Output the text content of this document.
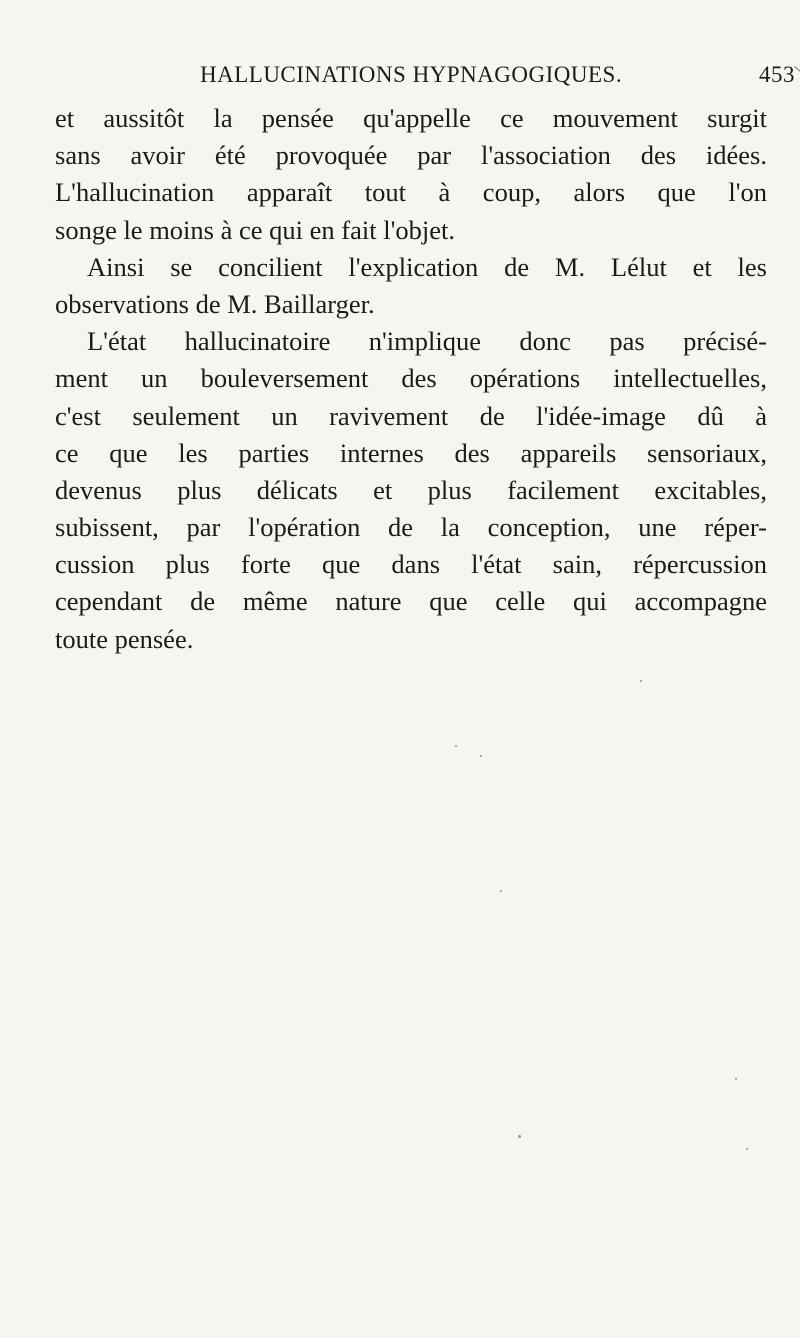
HALLUCINATIONS HYPNAGOGIQUES.	453
et aussitôt la pensée qu'appelle ce mouvement surgit
sans avoir été provoquée par l'association des idées.
L'hallucination apparaît tout à coup, alors que l'on
songe le moins à ce qui en fait l'objet.
Ainsi se concilient l'explication de M. Lélut et les
observations de M. Baillarger.
L'état hallucinatoire n'implique donc pas précisé-
ment un bouleversement des opérations intellectuelles,
c'est seulement un ravivement de l'idée-image dû à
ce que les parties internes des appareils sensoriaux,
devenus plus délicats et plus facilement excitables,
subissent, par l'opération de la conception, une réper-
cussion plus forte que dans l'état sain, répercussion
cependant de même nature que celle qui accompagne
toute pensée.
